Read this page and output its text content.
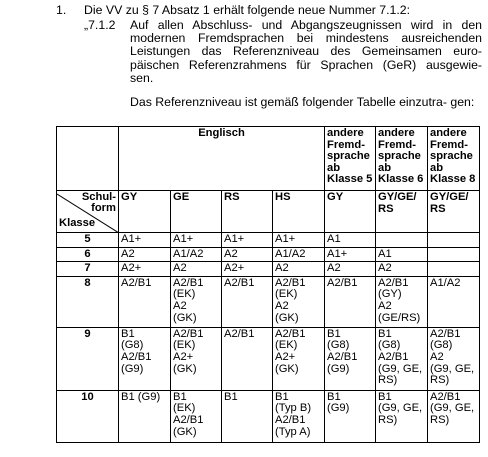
1. Die VV zu § 7 Absatz 1 erhält folgende neue Nummer 7.1.2:
„7.1.2 Auf allen Abschluss- und Abgangszeugnissen wird in den
modernen Fremdsprachen bei mindestens ausreichenden
Leistungen das Referenzniveau des Gemeinsamen euro-
päischen Referenzrahmens für Sprachen (GeR) ausgewie-
sen.
Das Referenzniveau ist gemäß folgender Tabelle einzutra- gen:
	Englisch				andere
Fremd-
sprache
ab
Klasse 5	andere
Fremd-
sprache
ab
Klasse 6	andere
Fremd-
sprache
ab
Klasse 8

Schul-
form
Klasse	GY	GE	RS	HS	GY	GY/GE/ RS	GY/GE/ RS
5	A1+	A1+	A1+	A1+	A1		

6	A2	A1/A2	A2	A1/A2	A1+	A1	

7	A2+	A2	A2+	A2	A2	A2	

8	A2/B1	A2/B1
(EK)
A2
(GK)	A2/B1	A2/B1
(EK)
A2
(GK)	A2/B1	A2/B1
(GY)
A2
(GE/RS)	A1/A2

9	B1
(G8)
A2/B1
(G9)	A2/B1
(EK)
A2+
(GK)	A2/B1	A2/B1
(EK)
A2+
(GK)	B1
(G8)
A2/B1
(G9)	B1
(G8)
A2/B1
(G9, GE,
RS)	A2/B1
(G8)
A2
(G9, GE,
RS)

10	B1 (G9)	B1
(EK)
A2/B1
(GK)	B1	B1
(Typ B)
A2/B1
(Typ A)	B1
(G9)	B1
(G9, GE,
RS)	A2/B1
(G9, GE,
RS)
